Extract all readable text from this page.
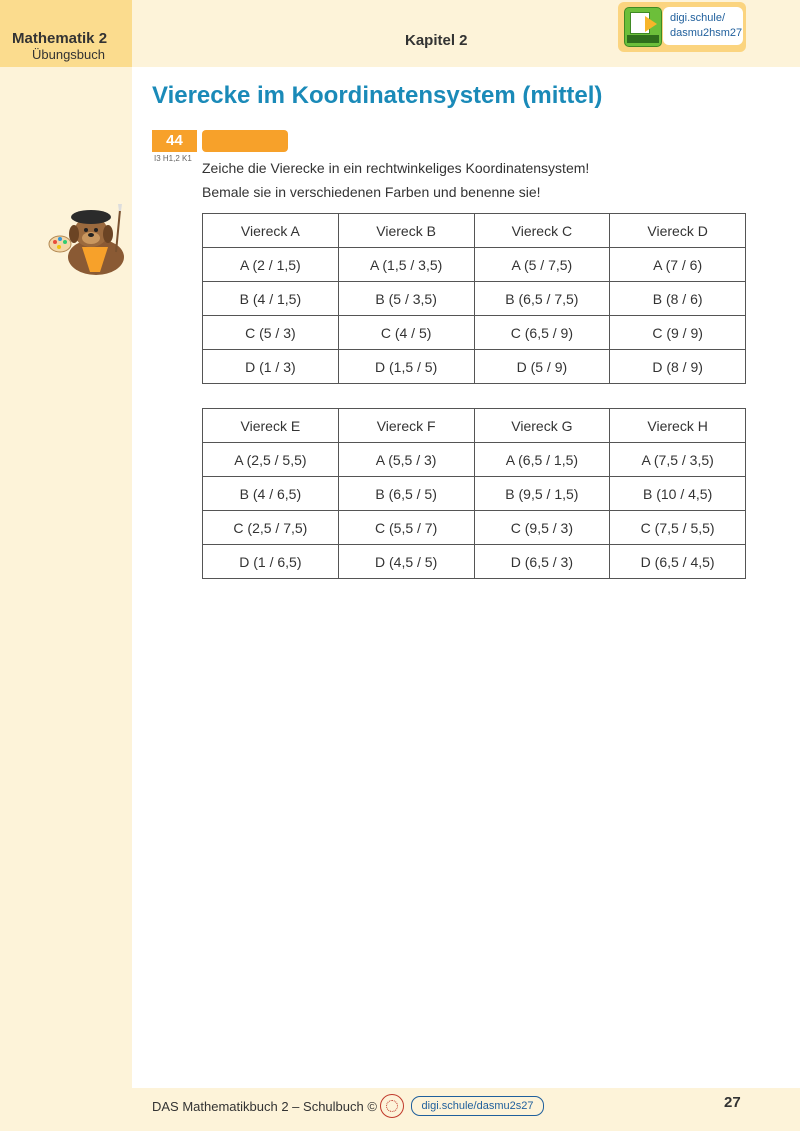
Mathematik 2
Übungsbuch
Kapitel 2
digi.schule/
dasmu2hsm27
Vierecke im Koordinatensystem (mittel)
44
I3 H1,2 K1
Zeiche die Vierecke in ein rechtwinkeliges Koordinatensystem!
Bemale sie in verschiedenen Farben und benenne sie!
Viereck A	Viereck B	Viereck C	Viereck D
A (2 / 1,5)	A (1,5 / 3,5)	A (5 / 7,5)	A (7 / 6)
B (4 / 1,5)	B (5 / 3,5)	B (6,5 / 7,5)	B (8 / 6)
C (5 / 3)	C (4 / 5)	C (6,5 / 9)	C (9 / 9)
D (1 / 3)	D (1,5 / 5)	D (5 / 9)	D (8 / 9)
Viereck E	Viereck F	Viereck G	Viereck H
A (2,5 / 5,5)	A (5,5 / 3)	A (6,5 / 1,5)	A (7,5 / 3,5)
B (4 / 6,5)	B (6,5 / 5)	B (9,5 / 1,5)	B (10 / 4,5)
C (2,5 / 7,5)	C (5,5 / 7)	C (9,5 / 3)	C (7,5 / 5,5)
D (1 / 6,5)	D (4,5 / 5)	D (6,5 / 3)	D (6,5 / 4,5)
DAS Mathematikbuch 2 – Schulbuch ©	digi.schule/dasmu2s27	27
